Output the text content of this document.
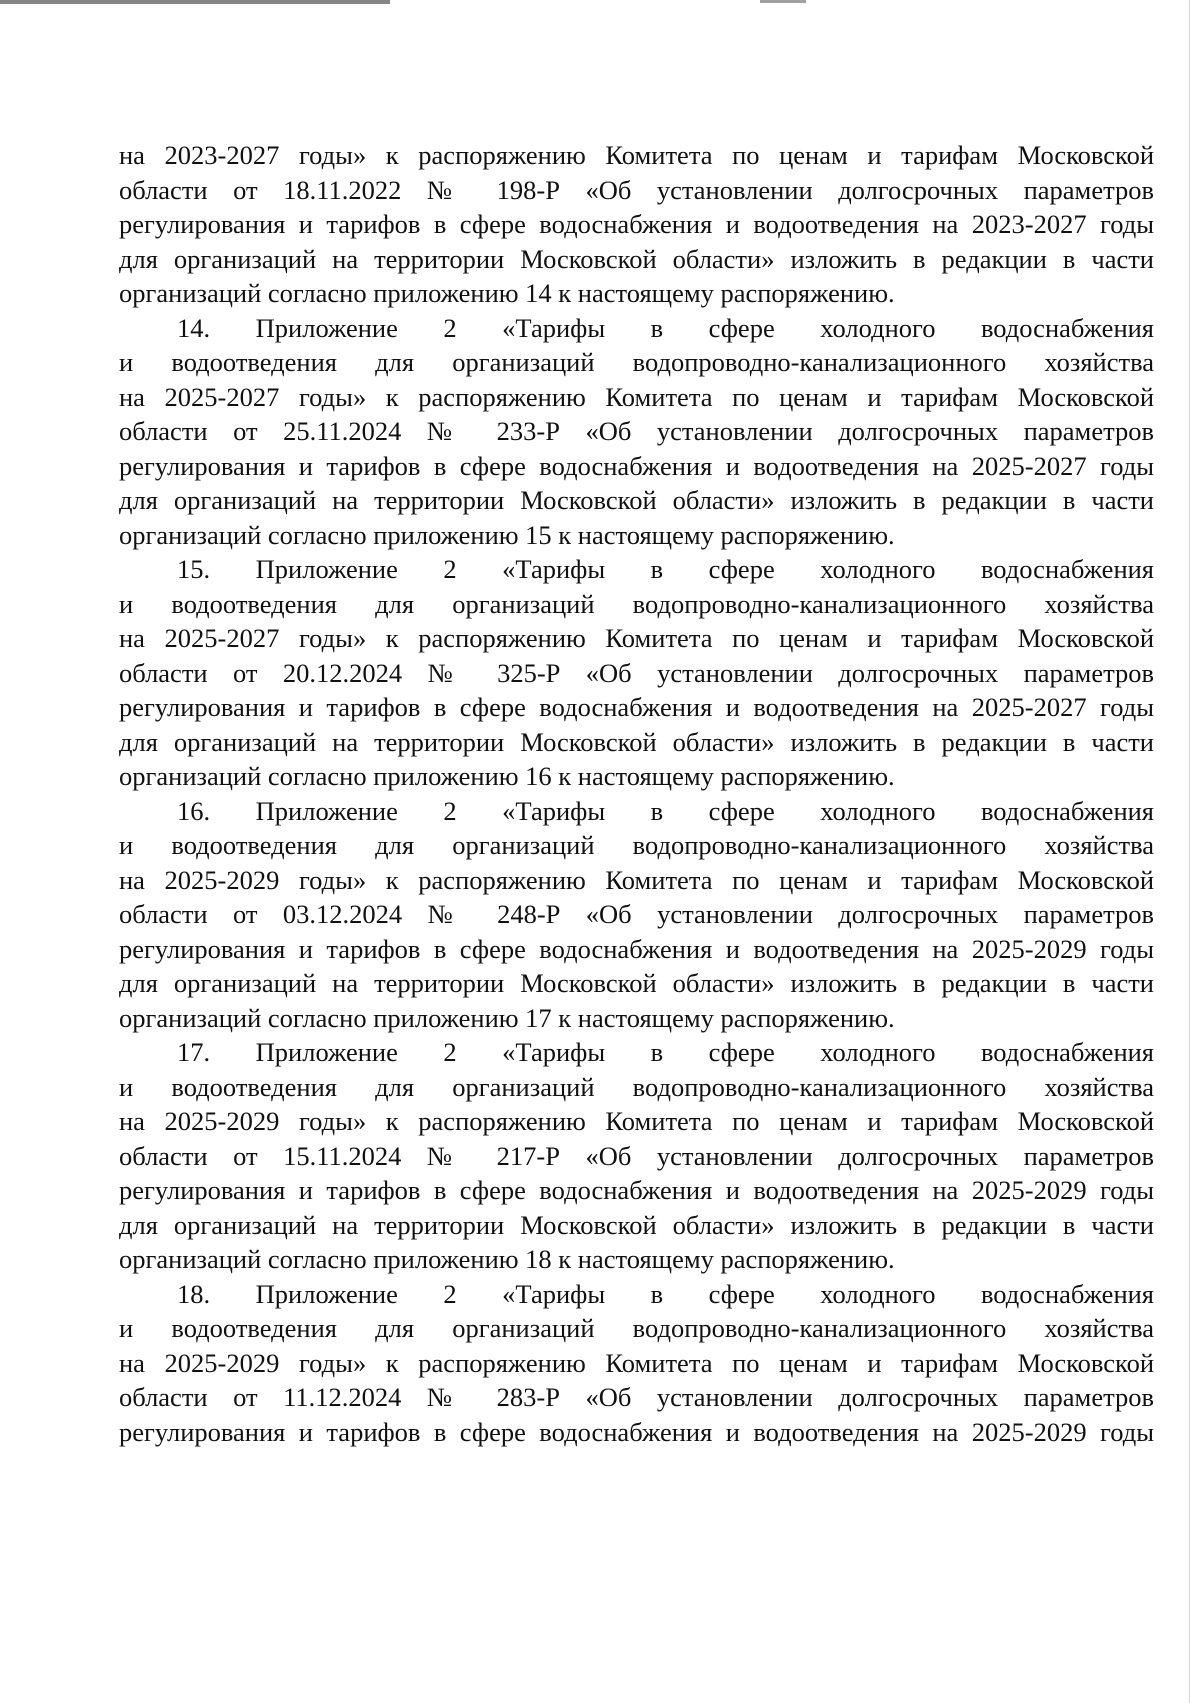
на 2023-2027 годы» к распоряжению Комитета по ценам и тарифам Московской
области от 18.11.2022 № 198-Р «Об установлении долгосрочных параметров
регулирования и тарифов в сфере водоснабжения и водоотведения на 2023-2027 годы
для организаций на территории Московской области» изложить в редакции в части
организаций согласно приложению 14 к настоящему распоряжению.
14. Приложение 2 «Тарифы в сфере холодного водоснабжения
и водоотведения для организаций водопроводно-канализационного хозяйства
на 2025-2027 годы» к распоряжению Комитета по ценам и тарифам Московской
области от 25.11.2024 № 233-Р «Об установлении долгосрочных параметров
регулирования и тарифов в сфере водоснабжения и водоотведения на 2025-2027 годы
для организаций на территории Московской области» изложить в редакции в части
организаций согласно приложению 15 к настоящему распоряжению.
15. Приложение 2 «Тарифы в сфере холодного водоснабжения
и водоотведения для организаций водопроводно-канализационного хозяйства
на 2025-2027 годы» к распоряжению Комитета по ценам и тарифам Московской
области от 20.12.2024 № 325-Р «Об установлении долгосрочных параметров
регулирования и тарифов в сфере водоснабжения и водоотведения на 2025-2027 годы
для организаций на территории Московской области» изложить в редакции в части
организаций согласно приложению 16 к настоящему распоряжению.
16. Приложение 2 «Тарифы в сфере холодного водоснабжения
и водоотведения для организаций водопроводно-канализационного хозяйства
на 2025-2029 годы» к распоряжению Комитета по ценам и тарифам Московской
области от 03.12.2024 № 248-Р «Об установлении долгосрочных параметров
регулирования и тарифов в сфере водоснабжения и водоотведения на 2025-2029 годы
для организаций на территории Московской области» изложить в редакции в части
организаций согласно приложению 17 к настоящему распоряжению.
17. Приложение 2 «Тарифы в сфере холодного водоснабжения
и водоотведения для организаций водопроводно-канализационного хозяйства
на 2025-2029 годы» к распоряжению Комитета по ценам и тарифам Московской
области от 15.11.2024 № 217-Р «Об установлении долгосрочных параметров
регулирования и тарифов в сфере водоснабжения и водоотведения на 2025-2029 годы
для организаций на территории Московской области» изложить в редакции в части
организаций согласно приложению 18 к настоящему распоряжению.
18. Приложение 2 «Тарифы в сфере холодного водоснабжения
и водоотведения для организаций водопроводно-канализационного хозяйства
на 2025-2029 годы» к распоряжению Комитета по ценам и тарифам Московской
области от 11.12.2024 № 283-Р «Об установлении долгосрочных параметров
регулирования и тарифов в сфере водоснабжения и водоотведения на 2025-2029 годы
